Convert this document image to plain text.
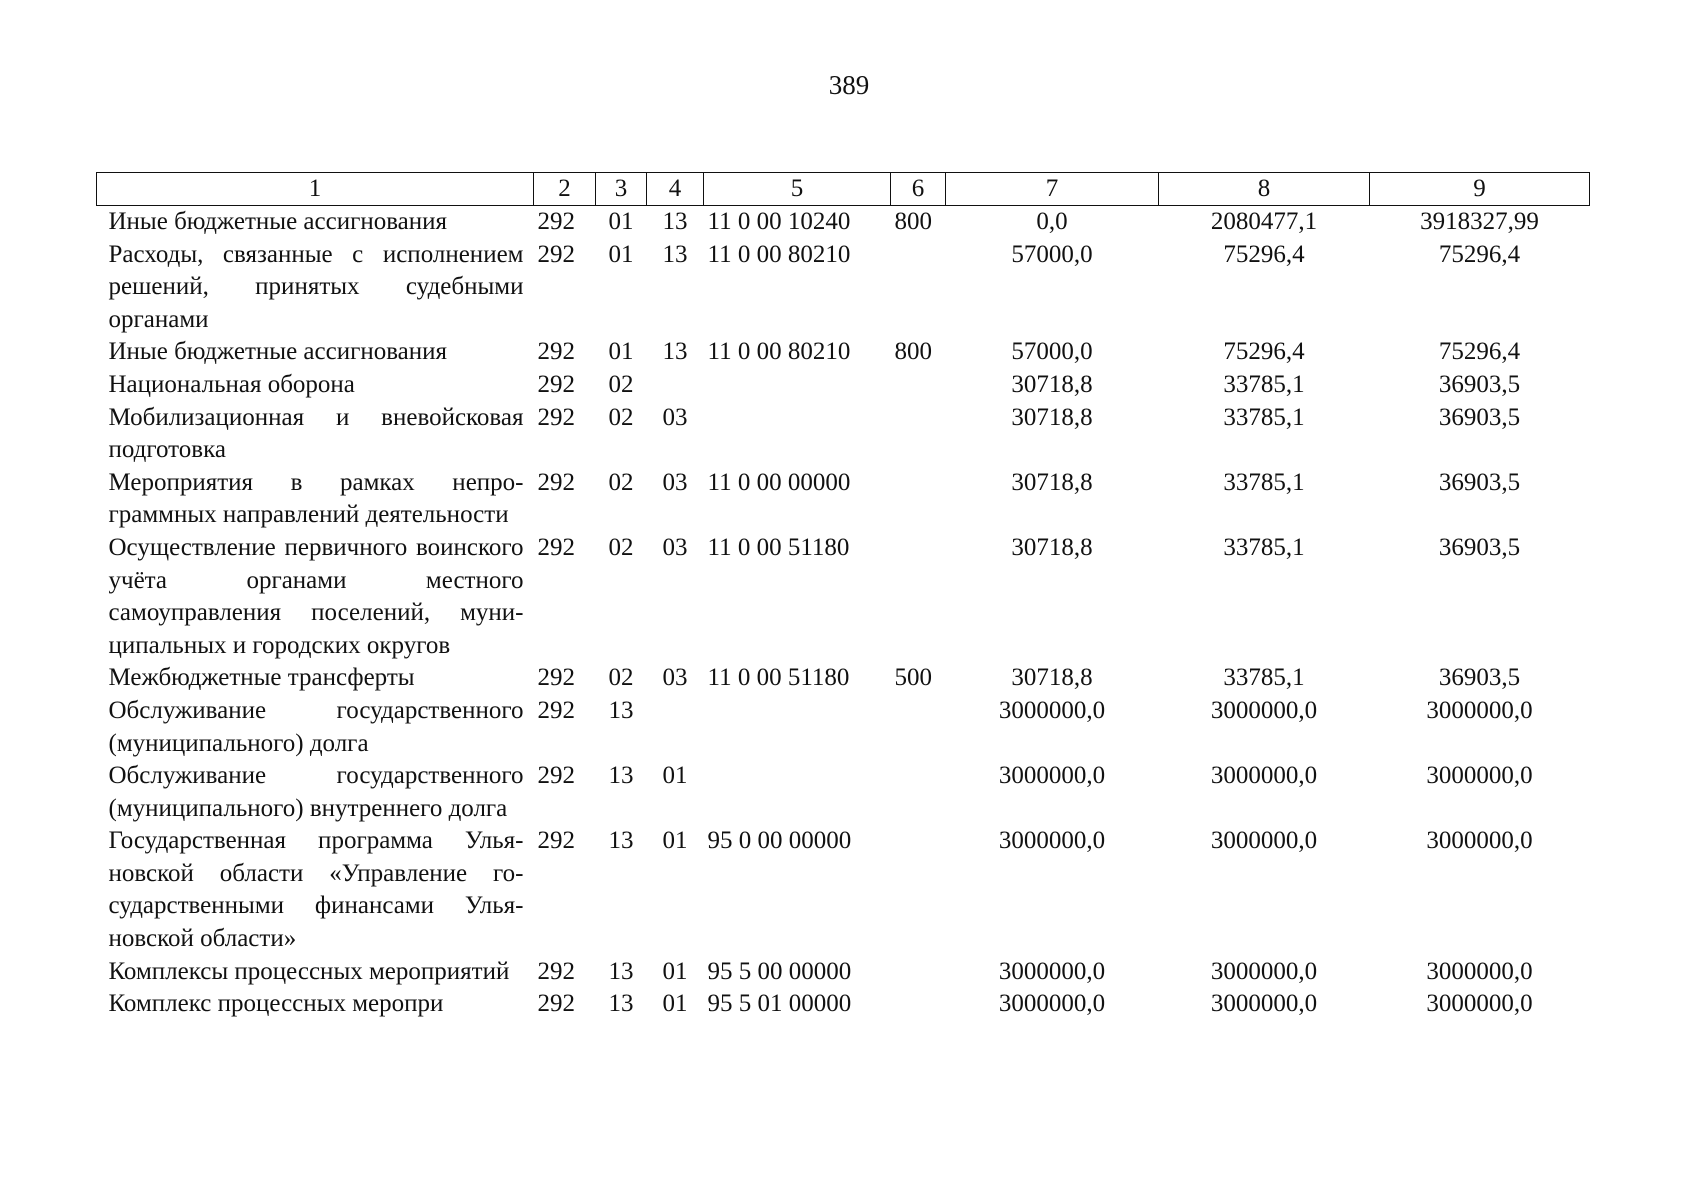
389
1	2	3	4	5	6	7	8	9
Иные бюджетные ассигнования	292	01	13	11 0 00 10240	800	0,0	2080477,1	3918327,99
Расходы, связанные с исполнением решений, принятых судебными органами	292	01	13	11 0 00 80210		57000,0	75296,4	75296,4
Иные бюджетные ассигнования	292	01	13	11 0 00 80210	800	57000,0	75296,4	75296,4
Национальная оборона	292	02				30718,8	33785,1	36903,5
Мобилизационная и вневойсковая подготовка	292	02	03			30718,8	33785,1	36903,5
Мероприятия в рамках непрограммных направлений деятельности	292	02	03	11 0 00 00000		30718,8	33785,1	36903,5
Осуществление первичного воинского учёта органами местного самоуправления поселений, муниципальных и городских округов	292	02	03	11 0 00 51180		30718,8	33785,1	36903,5
Межбюджетные трансферты	292	02	03	11 0 00 51180	500	30718,8	33785,1	36903,5
Обслуживание государственного (муниципального) долга	292	13				3000000,0	3000000,0	3000000,0
Обслуживание государственного (муниципального) внутреннего долга	292	13	01			3000000,0	3000000,0	3000000,0
Государственная программа Ульяновской области «Управление государственными финансами Ульяновской области»	292	13	01	95 0 00 00000		3000000,0	3000000,0	3000000,0
Комплексы процессных мероприятий	292	13	01	95 5 00 00000		3000000,0	3000000,0	3000000,0
Комплекс процессных меропри	292	13	01	95 5 01 00000		3000000,0	3000000,0	3000000,0
